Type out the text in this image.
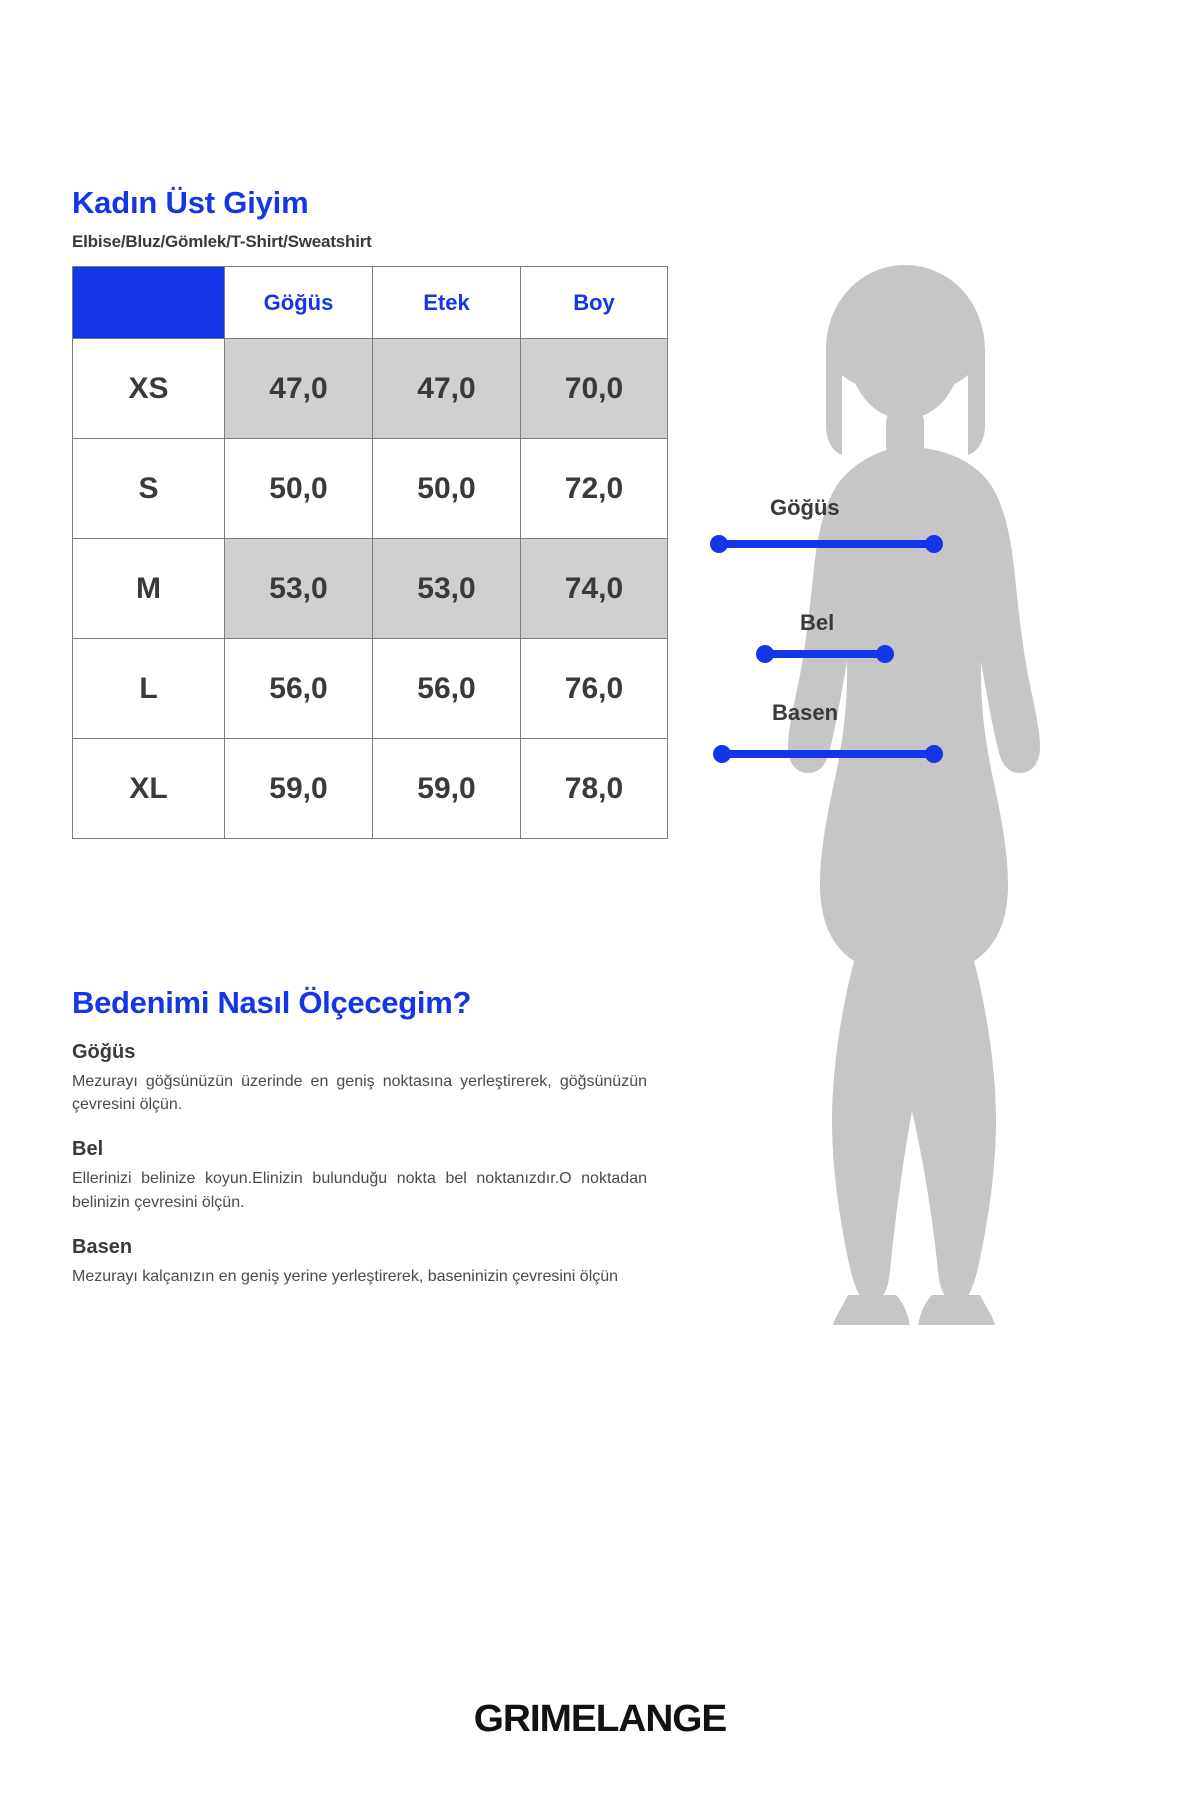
Kadın Üst Giyim
Elbise/Bluz/Gömlek/T-Shirt/Sweatshirt
Beden	Göğüs	Etek	Boy
XS	47,0	47,0	70,0
S	50,0	50,0	72,0
M	53,0	53,0	74,0
L	56,0	56,0	76,0
XL	59,0	59,0	78,0
Bedenimi Nasıl Ölçecegim?
Göğüs

Mezurayı göğsünüzün üzerinde en geniş noktasına yerleştirerek, göğsünüzün çevresini ölçün.

Bel

Ellerinizi belinize koyun.Elinizin bulunduğu nokta bel noktanızdır.O noktadan belinizin çevresini ölçün.

Basen

Mezurayı kalçanızın en geniş yerine yerleştirerek, baseninizin çevresini ölçün

Göğüs
Bel
Basen
GRIMELANGE
